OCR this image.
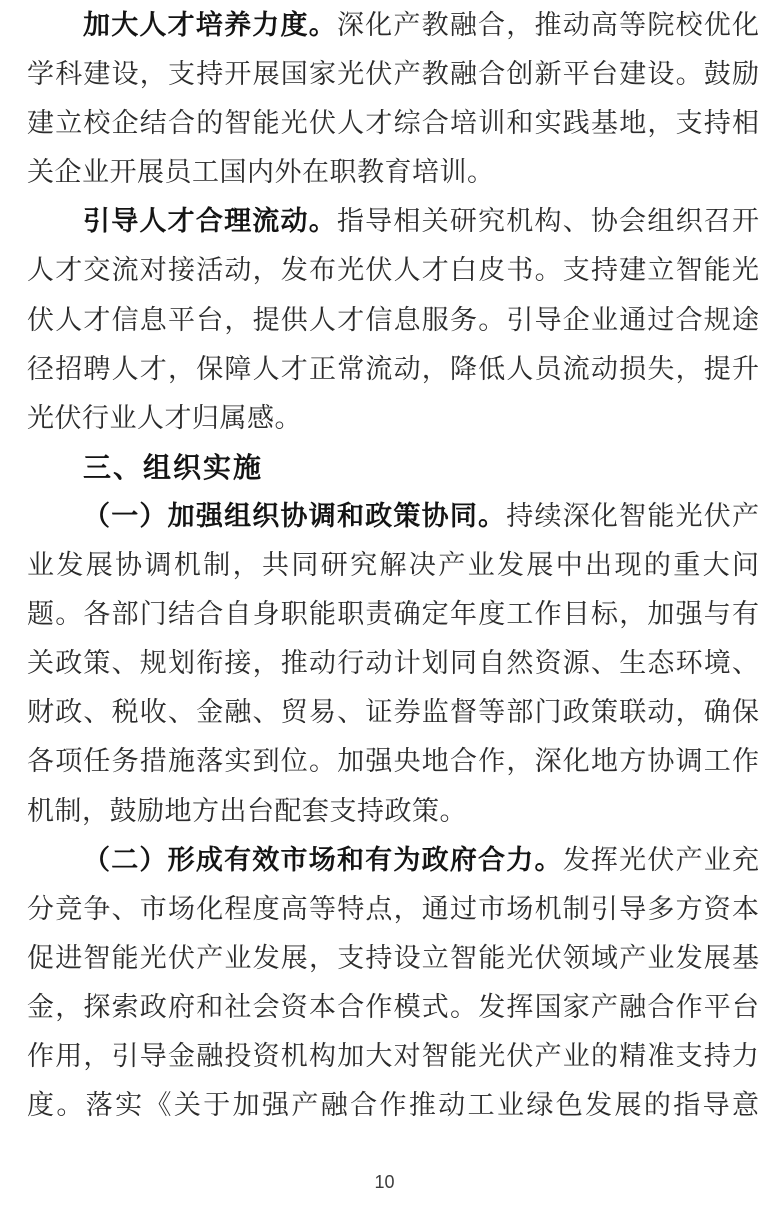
加大人才培养力度。深化产教融合，推动高等院校优化
学科建设，支持开展国家光伏产教融合创新平台建设。鼓励
建立校企结合的智能光伏人才综合培训和实践基地，支持相
关企业开展员工国内外在职教育培训。
引导人才合理流动。指导相关研究机构、协会组织召开
人才交流对接活动，发布光伏人才白皮书。支持建立智能光
伏人才信息平台，提供人才信息服务。引导企业通过合规途
径招聘人才，保障人才正常流动，降低人员流动损失，提升
光伏行业人才归属感。
三、组织实施
（一）加强组织协调和政策协同。持续深化智能光伏产
业发展协调机制，共同研究解决产业发展中出现的重大问
题。各部门结合自身职能职责确定年度工作目标，加强与有
关政策、规划衔接，推动行动计划同自然资源、生态环境、
财政、税收、金融、贸易、证券监督等部门政策联动，确保
各项任务措施落实到位。加强央地合作，深化地方协调工作
机制，鼓励地方出台配套支持政策。
（二）形成有效市场和有为政府合力。发挥光伏产业充
分竞争、市场化程度高等特点，通过市场机制引导多方资本
促进智能光伏产业发展，支持设立智能光伏领域产业发展基
金，探索政府和社会资本合作模式。发挥国家产融合作平台
作用，引导金融投资机构加大对智能光伏产业的精准支持力
度。落实《关于加强产融合作推动工业绿色发展的指导意
10
